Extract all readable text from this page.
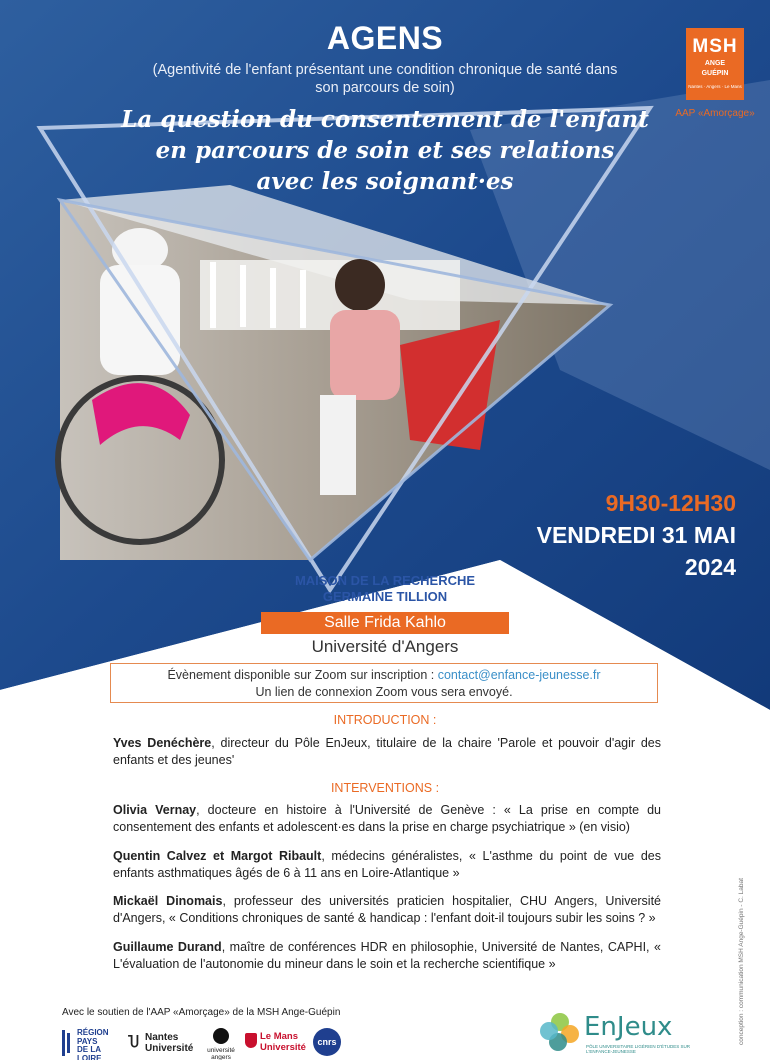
AGENS
(Agentivité de l'enfant présentant une condition chronique de santé dans son parcours de soin)
La question du consentement de l'enfant
en parcours de soin et ses relations
avec les soignant·es
MSH
ANGE
GUÉPIN
Nantes · Angers · Le Mans
AAP «Amorçage»
9H30-12H30
VENDREDI 31 MAI
2024
MAISON DE LA RECHERCHE
GERMAINE TILLION
Salle Frida Kahlo
Université d'Angers
Évènement disponible sur Zoom sur inscription : contact@enfance-jeunesse.fr
Un lien de connexion Zoom vous sera envoyé.
INTRODUCTION :
Yves Denéchère, directeur du Pôle EnJeux, titulaire de la chaire 'Parole et pouvoir d'agir des enfants et des jeunes'
INTERVENTIONS :
Olivia Vernay, docteure en histoire à l'Université de Genève : « La prise en compte du consentement des enfants et adolescent·es dans la prise en charge psychiatrique » (en visio)
Quentin Calvez et Margot Ribault, médecins généralistes, « L'asthme du point de vue des enfants asthmatiques âgés de 6 à 11 ans en Loire-Atlantique »
Mickaël Dinomais, professeur des universités praticien hospitalier, CHU Angers, Université d'Angers, « Conditions chroniques de santé & handicap : l'enfant doit-il toujours subir les soins ? »
Guillaume Durand, maître de conférences HDR en philosophie, Université de Nantes, CAPHI, « L'évaluation de l'autonomie du mineur dans le soin et la recherche scientifique »
Avec le soutien de l'AAP «Amorçage» de la MSH Ange-Guépin	conception : communication MSH Ange-Guépin - C. Labat
RÉGION
PAYS
DE LA LOIRE
Ⴎ Nantes
Université	université angers
Le Mans
Université	cnrs	EnJeux
PÔLE UNIVERSITAIRE LIGÉRIEN D'ÉTUDES SUR L'ENFANCE-JEUNESSE
